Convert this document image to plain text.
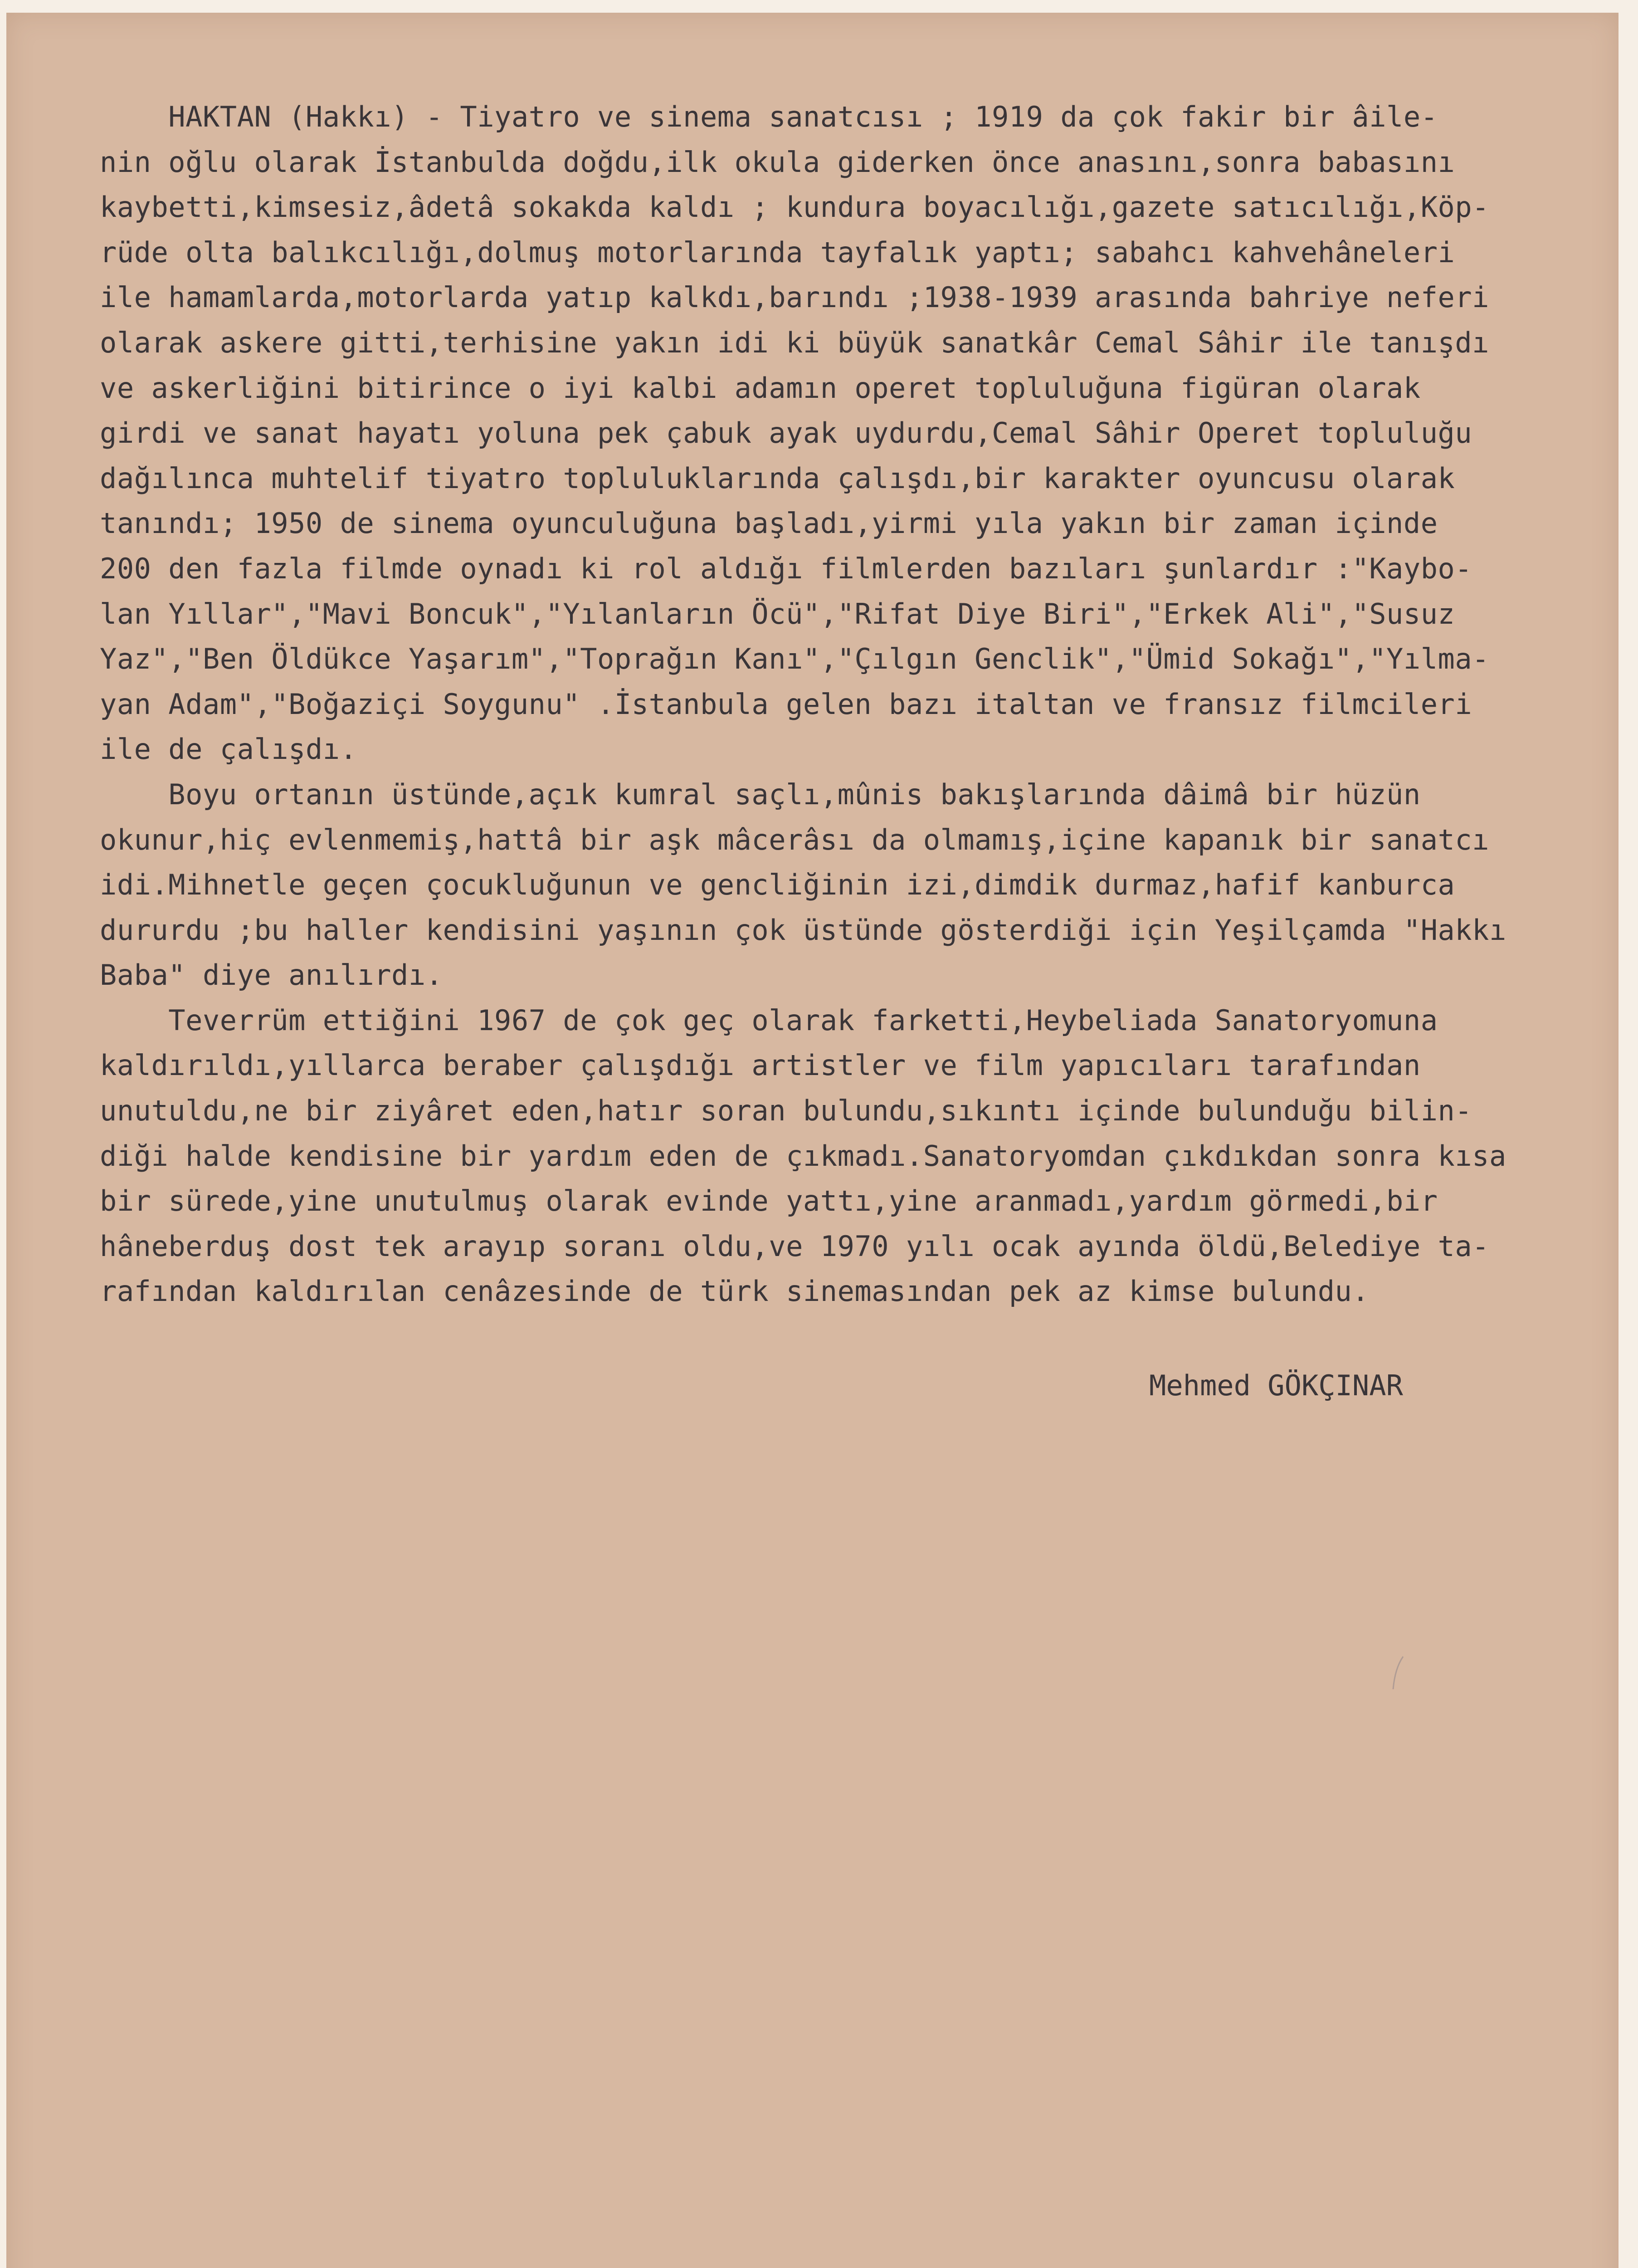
HAKTAN (Hakkı) - Tiyatro ve sinema sanatcısı ; 1919 da çok fakir bir âile-
nin oğlu olarak İstanbulda doğdu,ilk okula giderken önce anasını,sonra babasını
kaybetti,kimsesiz,âdetâ sokakda kaldı ; kundura boyacılığı,gazete satıcılığı,Köp-
rüde olta balıkcılığı,dolmuş motorlarında tayfalık yaptı; sabahcı kahvehâneleri
ile hamamlarda,motorlarda yatıp kalkdı,barındı ;1938-1939 arasında bahriye neferi
olarak askere gitti,terhisine yakın idi ki büyük sanatkâr Cemal Sâhir ile tanışdı
ve askerliğini bitirince o iyi kalbi adamın operet topluluğuna figüran olarak
girdi ve sanat hayatı yoluna pek çabuk ayak uydurdu,Cemal Sâhir Operet topluluğu
dağılınca muhtelif tiyatro topluluklarında çalışdı,bir karakter oyuncusu olarak
tanındı; 1950 de sinema oyunculuğuna başladı,yirmi yıla yakın bir zaman içinde
200 den fazla filmde oynadı ki rol aldığı filmlerden bazıları şunlardır :"Kaybo-
lan Yıllar","Mavi Boncuk","Yılanların Öcü","Rifat Diye Biri","Erkek Ali","Susuz
Yaz","Ben Öldükce Yaşarım","Toprağın Kanı","Çılgın Genclik","Ümid Sokağı","Yılma-
yan Adam","Boğaziçi Soygunu" .İstanbula gelen bazı italtan ve fransız filmcileri
ile de çalışdı.
Boyu ortanın üstünde,açık kumral saçlı,mûnis bakışlarında dâimâ bir hüzün
okunur,hiç evlenmemiş,hattâ bir aşk mâcerâsı da olmamış,içine kapanık bir sanatcı
idi.Mihnetle geçen çocukluğunun ve gencliğinin izi,dimdik durmaz,hafif kanburca
dururdu ;bu haller kendisini yaşının çok üstünde gösterdiği için Yeşilçamda "Hakkı
Baba" diye anılırdı.
Teverrüm ettiğini 1967 de çok geç olarak farketti,Heybeliada Sanatoryomuna
kaldırıldı,yıllarca beraber çalışdığı artistler ve film yapıcıları tarafından
unutuldu,ne bir ziyâret eden,hatır soran bulundu,sıkıntı içinde bulunduğu bilin-
diği halde kendisine bir yardım eden de çıkmadı.Sanatoryomdan çıkdıkdan sonra kısa
bir sürede,yine unutulmuş olarak evinde yattı,yine aranmadı,yardım görmedi,bir
hâneberduş dost tek arayıp soranı oldu,ve 1970 yılı ocak ayında öldü,Belediye ta-
rafından kaldırılan cenâzesinde de türk sinemasından pek az kimse bulundu.
Mehmed GÖKÇINAR
